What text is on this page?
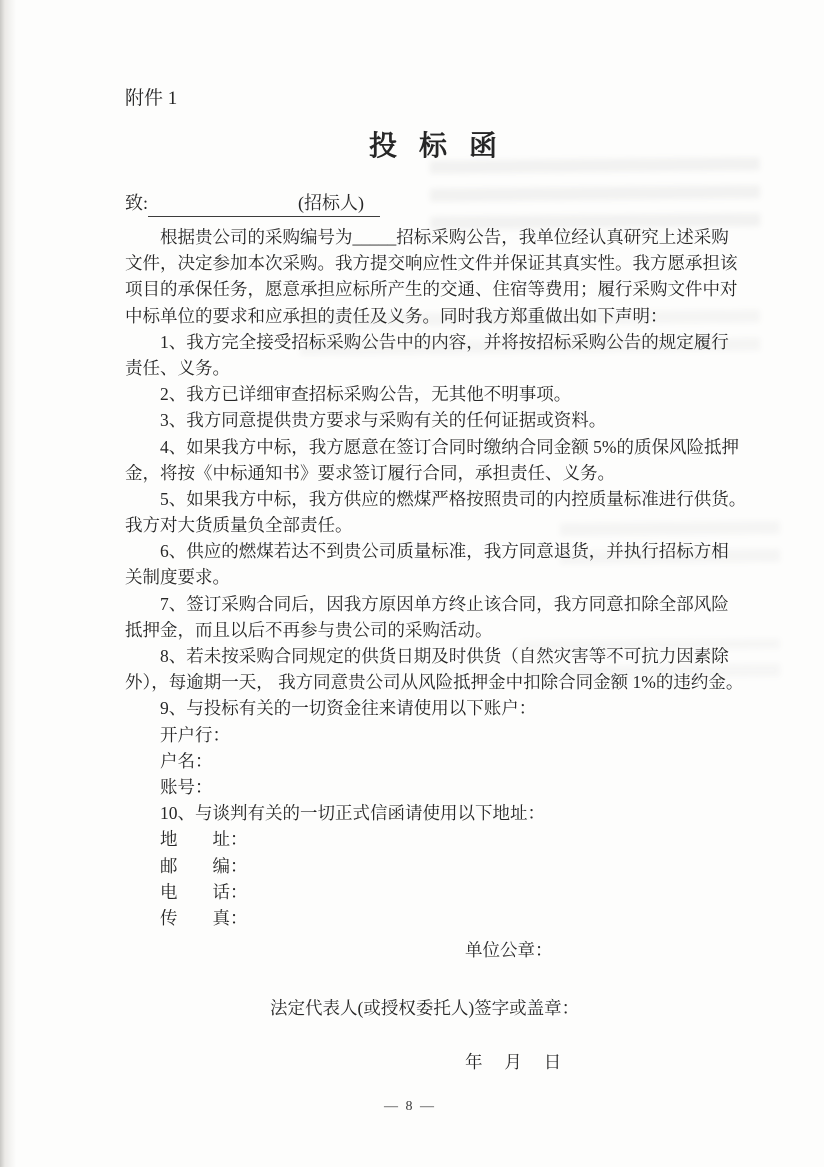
附件 1
投标函
致:	(招标人)
根据贵公司的采购编号为_____招标采购公告，我单位经认真研究上述采购
文件，决定参加本次采购。我方提交响应性文件并保证其真实性。我方愿承担该
项目的承保任务，愿意承担应标所产生的交通、住宿等费用；履行采购文件中对
中标单位的要求和应承担的责任及义务。同时我方郑重做出如下声明：
1、我方完全接受招标采购公告中的内容，并将按招标采购公告的规定履行
责任、义务。
2、我方已详细审查招标采购公告，无其他不明事项。
3、我方同意提供贵方要求与采购有关的任何证据或资料。
4、如果我方中标，我方愿意在签订合同时缴纳合同金额 5%的质保风险抵押
金，将按《中标通知书》要求签订履行合同，承担责任、义务。
5、如果我方中标，我方供应的燃煤严格按照贵司的内控质量标准进行供货。
我方对大货质量负全部责任。
6、供应的燃煤若达不到贵公司质量标准，我方同意退货，并执行招标方相
关制度要求。
7、签订采购合同后，因我方原因单方终止该合同，我方同意扣除全部风险
抵押金，而且以后不再参与贵公司的采购活动。
8、若未按采购合同规定的供货日期及时供货（自然灾害等不可抗力因素除
外），每逾期一天， 我方同意贵公司从风险抵押金中扣除合同金额 1%的违约金。
9、与投标有关的一切资金往来请使用以下账户：
开户行：
户名：
账号：
10、与谈判有关的一切正式信函请使用以下地址：
地　　址：
邮　　编：
电　　话：
传　　真：
单位公章：
法定代表人(或授权委托人)签字或盖章：
年　 月　 日
— 8 —
